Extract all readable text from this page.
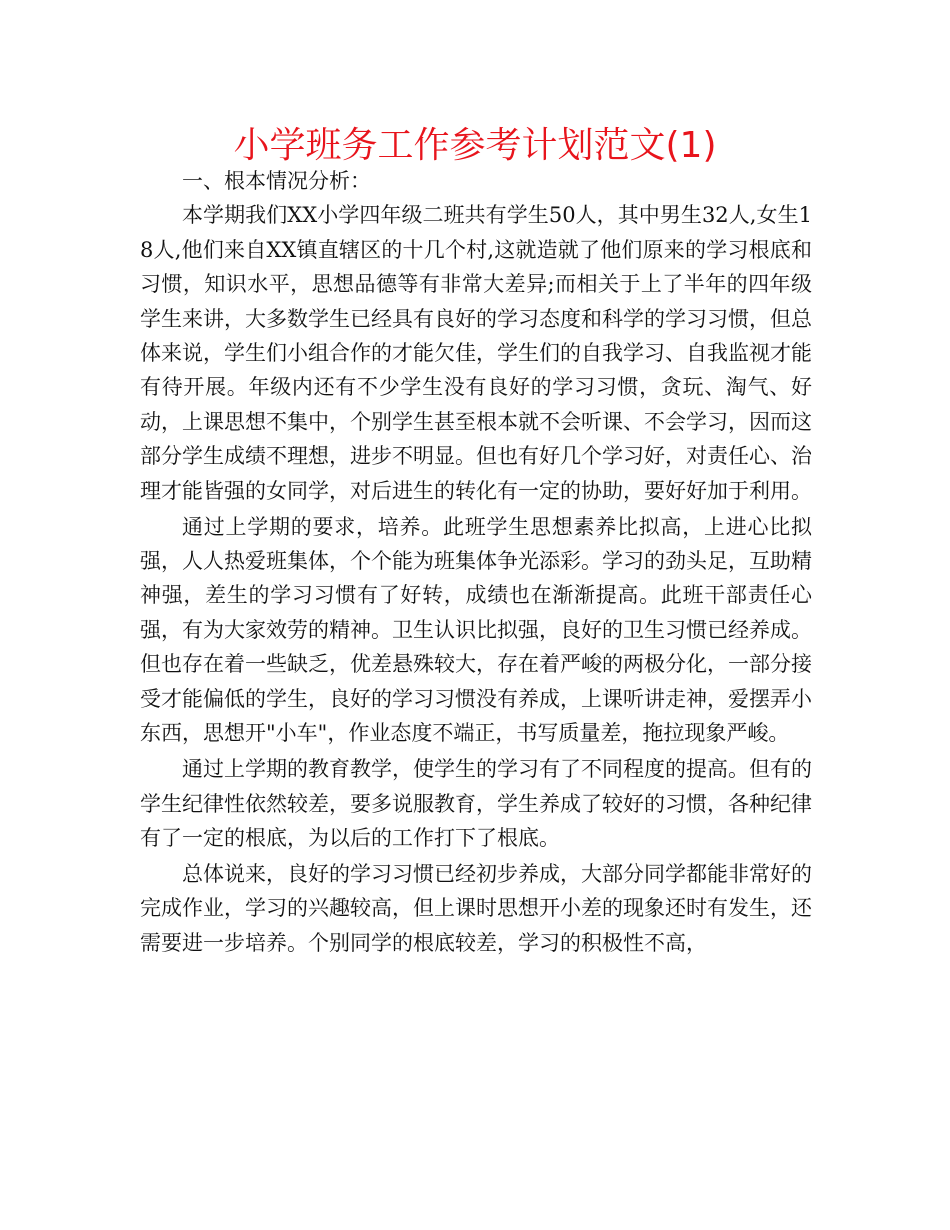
小学班务工作参考计划范文(1)

一、根本情况分析：

本学期我们XX小学四年级二班共有学生50人，其中男生32人,女生18人,他们来自XX镇直辖区的十几个村,这就造就了他们原来的学习根底和习惯，知识水平，思想品德等有非常大差异;而相关于上了半年的四年级学生来讲，大多数学生已经具有良好的学习态度和科学的学习习惯，但总体来说，学生们小组合作的才能欠佳，学生们的自我学习、自我监视才能有待开展。年级内还有不少学生没有良好的学习习惯，贪玩、淘气、好动，上课思想不集中，个别学生甚至根本就不会听课、不会学习，因而这部分学生成绩不理想，进步不明显。但也有好几个学习好，对责任心、治理才能皆强的女同学，对后进生的转化有一定的协助，要好好加于利用。

通过上学期的要求，培养。此班学生思想素养比拟高，上进心比拟强，人人热爱班集体，个个能为班集体争光添彩。学习的劲头足，互助精神强，差生的学习习惯有了好转，成绩也在渐渐提高。此班干部责任心强，有为大家效劳的精神。卫生认识比拟强，良好的卫生习惯已经养成。但也存在着一些缺乏，优差悬殊较大，存在着严峻的两极分化，一部分接受才能偏低的学生，良好的学习习惯没有养成，上课听讲走神，爱摆弄小东西，思想开"小车"，作业态度不端正，书写质量差，拖拉现象严峻。

通过上学期的教育教学，使学生的学习有了不同程度的提高。但有的学生纪律性依然较差，要多说服教育，学生养成了较好的习惯，各种纪律有了一定的根底，为以后的工作打下了根底。

总体说来，良好的学习习惯已经初步养成，大部分同学都能非常好的完成作业，学习的兴趣较高，但上课时思想开小差的现象还时有发生，还需要进一步培养。个别同学的根底较差，学习的积极性不高，
